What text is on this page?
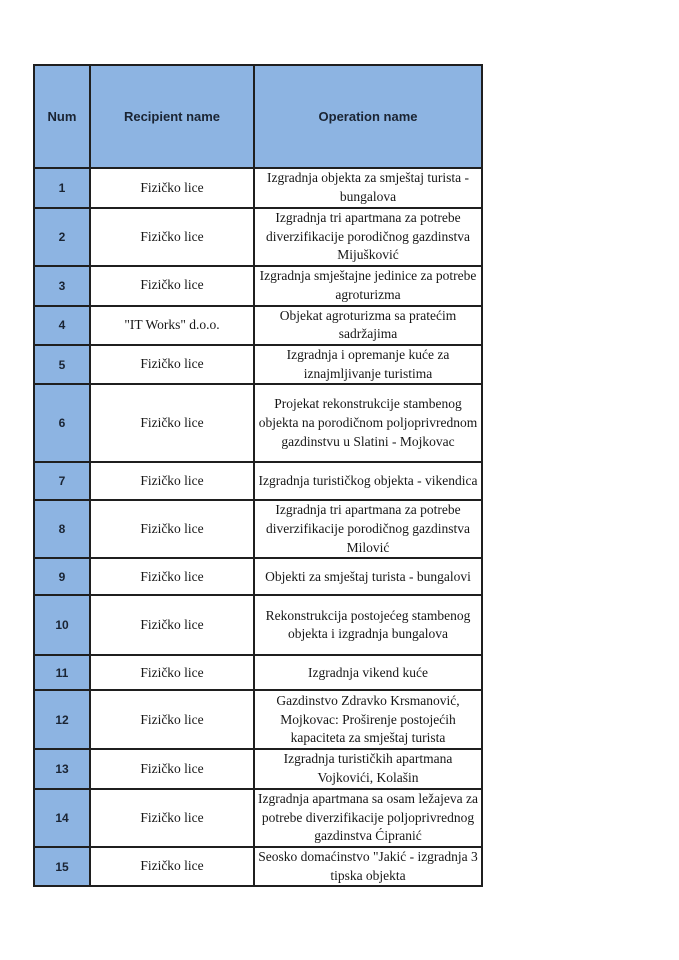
Num	Recipient name	Operation name
1	Fizičko lice	Izgradnja objekta za smještaj turista - bungalova
2	Fizičko lice	Izgradnja tri apartmana za potrebe diverzifikacije porodičnog gazdinstva Mijušković
3	Fizičko lice	Izgradnja smještajne jedinice za potrebe agroturizma
4	"IT Works" d.o.o.	Objekat agroturizma sa pratećim sadržajima
5	Fizičko lice	Izgradnja i opremanje kuće za iznajmljivanje turistima
6	Fizičko lice	Projekat rekonstrukcije stambenog objekta na porodičnom poljoprivrednom gazdinstvu u Slatini - Mojkovac
7	Fizičko lice	Izgradnja turističkog objekta - vikendica
8	Fizičko lice	Izgradnja tri apartmana za potrebe diverzifikacije porodičnog gazdinstva Milović
9	Fizičko lice	Objekti za smještaj turista - bungalovi
10	Fizičko lice	Rekonstrukcija postojećeg stambenog objekta i izgradnja bungalova
11	Fizičko lice	Izgradnja vikend kuće
12	Fizičko lice	Gazdinstvo Zdravko Krsmanović, Mojkovac: Proširenje postojećih kapaciteta za smještaj turista
13	Fizičko lice	Izgradnja turističkih apartmana Vojkovići, Kolašin
14	Fizičko lice	Izgradnja apartmana sa osam ležajeva za potrebe diverzifikacije poljoprivrednog gazdinstva Ćipranić
15	Fizičko lice	Seosko domaćinstvo "Jakić - izgradnja 3 tipska objekta
